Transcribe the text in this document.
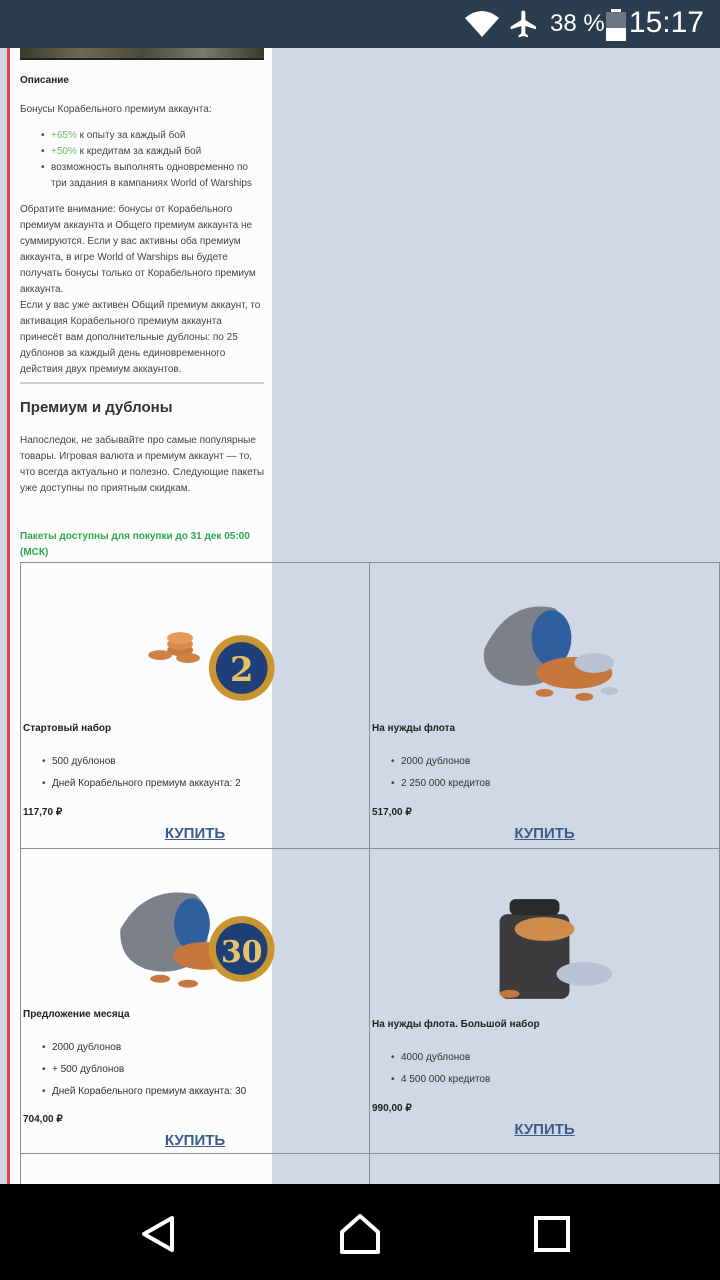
38 % 15:17
Описание
Бонусы Корабельного премиум аккаунта:
• +65% к опыту за каждый бой
• +50% к кредитам за каждый бой
• возможность выполнять одновременно по три задания в кампаниях World of Warships
Обратите внимание: бонусы от Корабельного премиум аккаунта и Общего премиум аккаунта не суммируются. Если у вас активны оба премиум аккаунта, в игре World of Warships вы будете получать бонусы только от Корабельного премиум аккаунта.
Если у вас уже активен Общий премиум аккаунт, то активация Корабельного премиум аккаунта принесёт вам дополнительные дублоны: по 25 дублонов за каждый день единовременного действия двух премиум аккаунтов.
Премиум и дублоны
Напоследок, не забывайте про самые популярные товары. Игровая валюта и премиум аккаунт — то, что всегда актуально и полезно. Следующие пакеты уже доступны по приятным скидкам.
Пакеты доступны для покупки до 31 дек 05:00 (МСК)
2
Стартовый набор
• 500 дублонов
• Дней Корабельного премиум аккаунта: 2
117,70 ₽
КУПИТЬ
На нужды флота
• 2000 дублонов
• 2 250 000 кредитов
517,00 ₽
КУПИТЬ
30
Предложение месяца
• 2000 дублонов
• + 500 дублонов
• Дней Корабельного премиум аккаунта: 30
704,00 ₽
КУПИТЬ
На нужды флота. Большой набор
• 4000 дублонов
• 4 500 000 кредитов
990,00 ₽
КУПИТЬ
